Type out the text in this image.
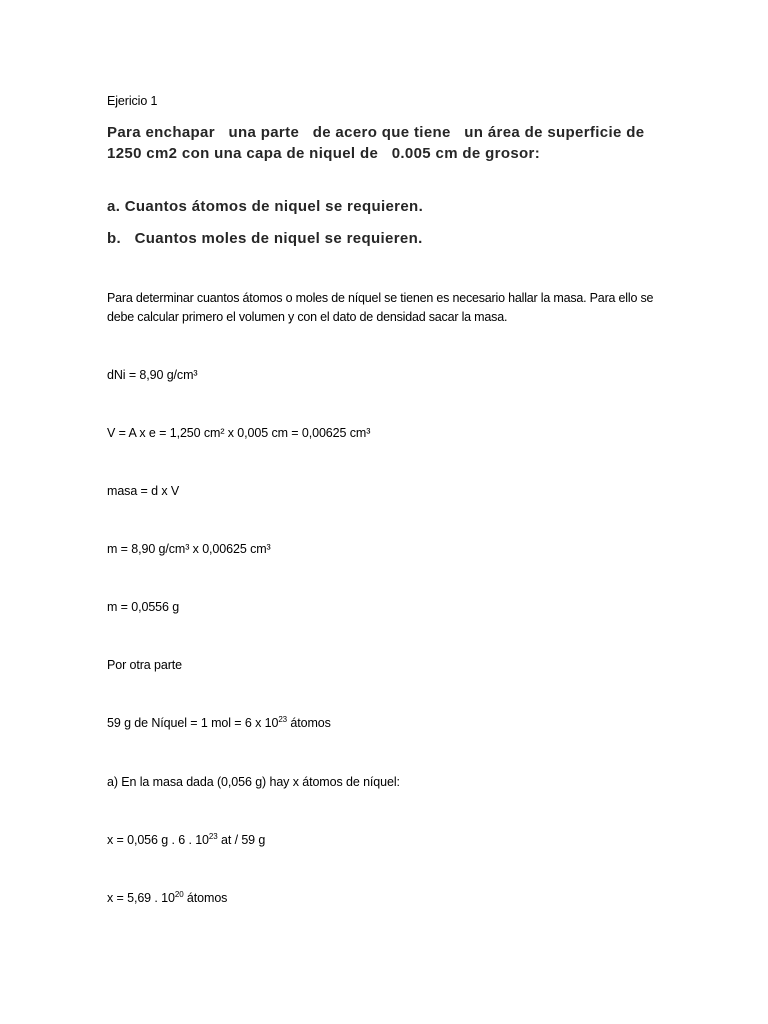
Ejericio 1
Para enchapar   una parte   de acero que tiene   un área de superficie de   1250 cm2 con una capa de niquel de   0.005 cm de grosor:
a. Cuantos átomos de niquel se requieren.
b.   Cuantos moles de niquel se requieren.
Para determinar cuantos átomos o moles de níquel se tienen es necesario hallar la masa. Para ello se debe calcular primero el volumen y con el dato de densidad sacar la masa.
dNi = 8,90 g/cm³
V = A x e = 1,250 cm² x 0,005 cm = 0,00625 cm³
masa = d x V
m = 8,90 g/cm³ x 0,00625 cm³
m = 0,0556 g
Por otra parte
59 g de Níquel = 1 mol = 6 x $10^{23}$ átomos
a) En la masa dada (0,056 g) hay x átomos de níquel:
x = 0,056 g . 6 . $10^{23}$ at / 59 g
x = 5,69 . $10^{20}$ átomos
